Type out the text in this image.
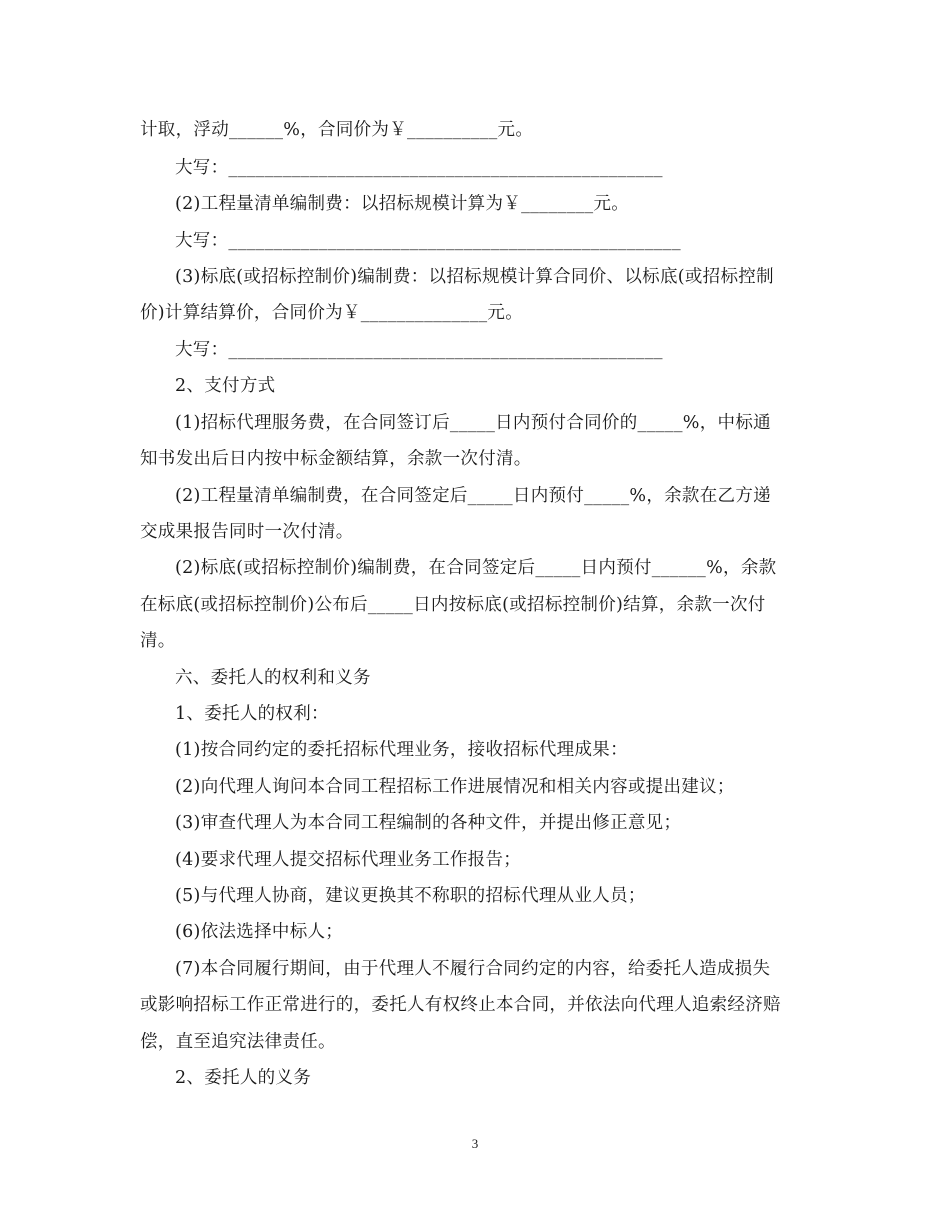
计取，浮动______%，合同价为￥__________元。
大写：________________________________________________
(2)工程量清单编制费：以招标规模计算为￥________元。
大写：__________________________________________________
(3)标底(或招标控制价)编制费：以招标规模计算合同价、以标底(或招标控制
价)计算结算价，合同价为￥______________元。
大写：________________________________________________
2、支付方式
(1)招标代理服务费，在合同签订后_____日内预付合同价的_____%，中标通
知书发出后日内按中标金额结算，余款一次付清。
(2)工程量清单编制费，在合同签定后_____日内预付_____%，余款在乙方递
交成果报告同时一次付清。
(2)标底(或招标控制价)编制费，在合同签定后_____日内预付______%，余款
在标底(或招标控制价)公布后_____日内按标底(或招标控制价)结算，余款一次付
清。
六、委托人的权利和义务
1、委托人的权利：
(1)按合同约定的委托招标代理业务，接收招标代理成果：
(2)向代理人询问本合同工程招标工作进展情况和相关内容或提出建议；
(3)审查代理人为本合同工程编制的各种文件，并提出修正意见；
(4)要求代理人提交招标代理业务工作报告；
(5)与代理人协商，建议更换其不称职的招标代理从业人员；
(6)依法选择中标人；
(7)本合同履行期间，由于代理人不履行合同约定的内容，给委托人造成损失
或影响招标工作正常进行的，委托人有权终止本合同，并依法向代理人追索经济赔
偿，直至追究法律责任。
2、委托人的义务
3
